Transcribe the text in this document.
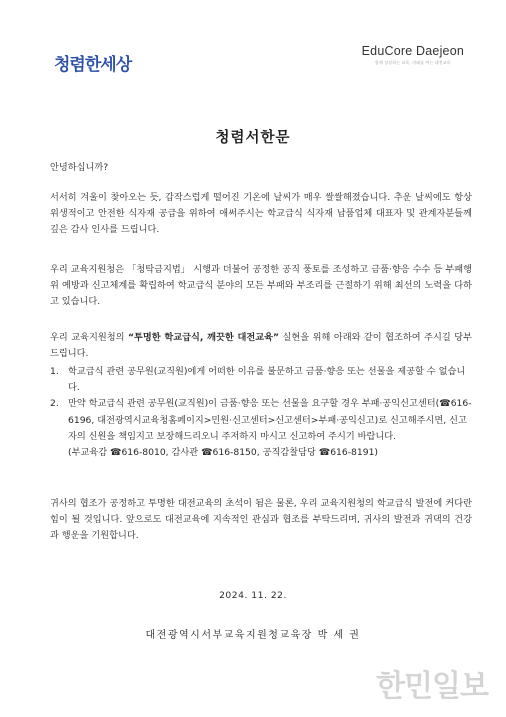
청렴한세상
EduCore Daejeon
함께 성장하는 교육, 미래를 여는 대전교육
청렴서한문

안녕하십니까?

서서히 겨울이 찾아오는 듯, 갑작스럽게 떨어진 기온에 날씨가 매우 쌀쌀해졌습니다. 추운 날씨에도 항상 위생적이고 안전한 식자재 공급을 위하여 애써주시는 학교급식 식자재 납품업체 대표자 및 관계자분들께 깊은 감사 인사를 드립니다.

우리 교육지원청은 「청탁금지법」 시행과 더불어 공정한 공직 풍토를 조성하고 금품·향응 수수 등 부패행위 예방과 신고체계를 확립하여 학교급식 분야의 모든 부패와 부조리를 근절하기 위해 최선의 노력을 다하고 있습니다.

우리 교육지원청의 “투명한 학교급식, 깨끗한 대전교육” 실현을 위해 아래와 같이 협조하여 주시길 당부 드립니다.

1.	학교급식 관련 공무원(교직원)에게 어떠한 이유를 불문하고 금품·향응 또는 선물을 제공할 수 없습니다.
2.	만약 학교급식 관련 공무원(교직원)이 금품·향응 또는 선물을 요구할 경우 부패·공익신고센터(☎616-6196, 대전광역시교육청홈페이지>민원·신고센터>신고센터>부패·공익신고)로 신고해주시면, 신고자의 신원을 책임지고 보장해드리오니 주저하지 마시고 신고하여 주시기 바랍니다.
(부교육감 ☎616-8010, 감사관 ☎616-8150, 공직감찰담당 ☎616-8191)

귀사의 협조가 공정하고 투명한 대전교육의 초석이 됨은 물론, 우리 교육지원청의 학교급식 발전에 커다란 힘이 될 것입니다. 앞으로도 대전교육에 지속적인 관심과 협조를 부탁드리며, 귀사의 발전과 귀댁의 건강과 행운을 기원합니다.

2024. 11. 22.
대전광역시서부교육지원청교육장 박 세 권
한민일보
